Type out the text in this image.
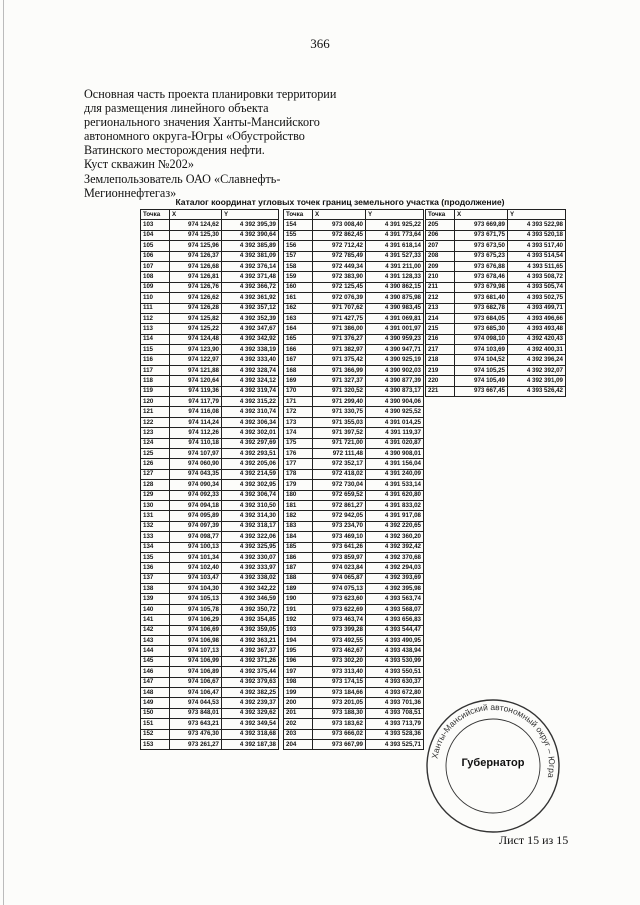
366
Основная часть проекта планировки территории
для размещения линейного объекта
регионального значения Ханты-Мансийского
автономного округа-Югры «Обустройство
Ватинского месторождения нефти.
Куст скважин №202»
Землепользователь ОАО «Славнефть-
Мегионнефтегаз»
Каталог координат угловых точек границ земельного участка (продолжение)
Точка	X	Y
103	974 124,62	4 392 395,39
104	974 125,30	4 392 390,64
105	974 125,96	4 392 385,89
106	974 126,37	4 392 381,09
107	974 126,68	4 392 376,14
108	974 126,81	4 392 371,48
109	974 126,76	4 392 366,72
110	974 126,62	4 392 361,92
111	974 126,28	4 392 357,12
112	974 125,82	4 392 352,39
113	974 125,22	4 392 347,67
114	974 124,48	4 392 342,92
115	974 123,90	4 392 338,19
116	974 122,97	4 392 333,40
117	974 121,88	4 392 328,74
118	974 120,64	4 392 324,12
119	974 119,36	4 392 319,74
120	974 117,79	4 392 315,22
121	974 116,08	4 392 310,74
122	974 114,24	4 392 306,34
123	974 112,26	4 392 302,01
124	974 110,18	4 392 297,69
125	974 107,97	4 392 293,51
126	974 060,90	4 392 205,06
127	974 043,35	4 392 214,59
128	974 090,34	4 392 302,95
129	974 092,33	4 392 306,74
130	974 094,18	4 392 310,50
131	974 095,89	4 392 314,30
132	974 097,39	4 392 318,17
133	974 098,77	4 392 322,06
134	974 100,13	4 392 325,95
135	974 101,34	4 392 330,07
136	974 102,40	4 392 333,97
137	974 103,47	4 392 338,02
138	974 104,30	4 392 342,22
139	974 105,13	4 392 346,59
140	974 105,78	4 392 350,72
141	974 106,29	4 392 354,85
142	974 106,69	4 392 359,05
143	974 106,98	4 392 363,21
144	974 107,13	4 392 367,37
145	974 106,99	4 392 371,26
146	974 106,89	4 392 375,44
147	974 106,67	4 392 379,63
148	974 106,47	4 392 382,25
149	974 044,53	4 392 239,37
150	973 848,01	4 392 329,62
151	973 643,21	4 392 349,54
152	973 476,30	4 392 318,68
153	973 261,27	4 392 187,38
Точка	X	Y
154	973 008,40	4 391 925,22
155	972 862,45	4 391 773,64
156	972 712,42	4 391 618,14
157	972 785,49	4 391 527,33
158	972 449,34	4 391 211,00
159	972 383,90	4 391 128,33
160	972 125,45	4 390 862,15
161	972 076,39	4 390 875,98
162	971 707,62	4 390 983,45
163	971 427,75	4 391 069,81
164	971 386,00	4 391 001,97
165	971 376,27	4 390 959,23
166	971 382,97	4 390 947,71
167	971 375,42	4 390 925,19
168	971 366,99	4 390 902,03
169	971 327,37	4 390 877,39
170	971 320,52	4 390 873,17
171	971 299,40	4 390 904,06
172	971 330,75	4 390 925,52
173	971 355,03	4 391 014,25
174	971 397,52	4 391 119,37
175	971 721,00	4 391 020,87
176	972 111,48	4 390 908,01
177	972 352,17	4 391 156,04
178	972 418,02	4 391 240,09
179	972 730,04	4 391 533,14
180	972 659,52	4 391 620,80
181	972 861,27	4 391 833,02
182	972 942,05	4 391 917,08
183	973 234,70	4 392 220,65
184	973 469,10	4 392 360,20
185	973 641,26	4 392 392,42
186	973 859,97	4 392 370,68
187	974 023,84	4 392 294,03
188	974 065,87	4 392 393,69
189	974 075,13	4 392 395,98
190	973 623,60	4 393 563,74
191	973 622,69	4 393 568,07
192	973 463,74	4 393 656,83
193	973 399,28	4 393 544,47
194	973 492,55	4 393 490,95
195	973 462,67	4 393 438,94
196	973 302,20	4 393 530,99
197	973 313,40	4 393 550,51
198	973 174,15	4 393 630,37
199	973 184,66	4 393 672,80
200	973 201,05	4 393 701,36
201	973 188,30	4 393 708,51
202	973 183,62	4 393 713,79
203	973 666,02	4 393 528,36
204	973 667,99	4 393 525,71
Точка	X	Y
205	973 669,89	4 393 522,98
206	973 671,75	4 393 520,18
207	973 673,50	4 393 517,40
208	973 675,23	4 393 514,54
209	973 676,88	4 393 511,65
210	973 678,46	4 393 508,72
211	973 679,98	4 393 505,74
212	973 681,40	4 393 502,75
213	973 682,78	4 393 499,71
214	973 684,05	4 393 496,66
215	973 685,30	4 393 493,48
216	974 098,10	4 392 420,43
217	974 103,69	4 392 400,31
218	974 104,52	4 392 396,24
219	974 105,25	4 392 392,07
220	974 105,49	4 392 391,09
221	973 667,45	4 393 526,42
Ханты-Мансийский автономный округ – Югра
Губернатор
Лист 15 из 15
